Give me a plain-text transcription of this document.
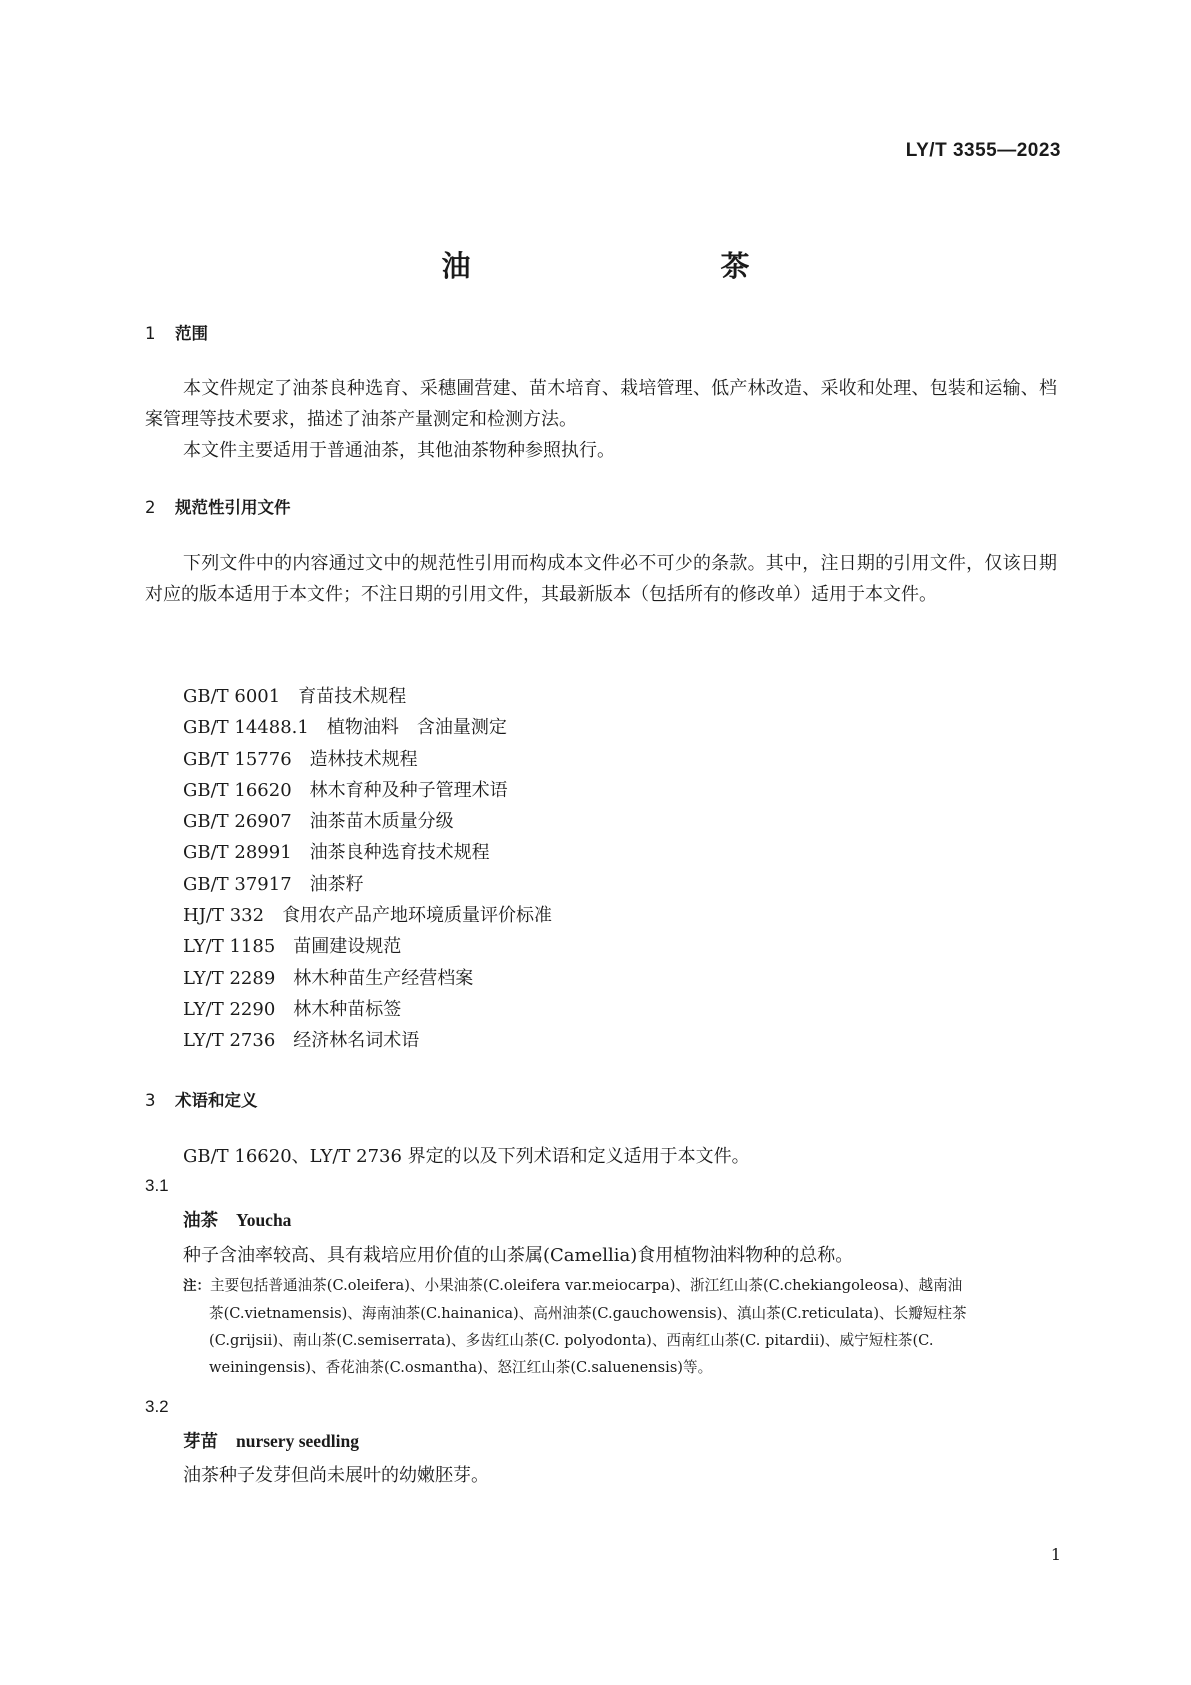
LY/T 3355—2023
油 茶
1 范围
本文件规定了油茶良种选育、采穗圃营建、苗木培育、栽培管理、低产林改造、采收和处理、包装和运输、档案管理等技术要求，描述了油茶产量测定和检测方法。
本文件主要适用于普通油茶，其他油茶物种参照执行。
2 规范性引用文件
下列文件中的内容通过文中的规范性引用而构成本文件必不可少的条款。其中，注日期的引用文件，仅该日期对应的版本适用于本文件；不注日期的引用文件，其最新版本（包括所有的修改单）适用于本文件。
GB/T 6001 育苗技术规程
GB/T 14488.1 植物油料　含油量测定
GB/T 15776 造林技术规程
GB/T 16620 林木育种及种子管理术语
GB/T 26907 油茶苗木质量分级
GB/T 28991 油茶良种选育技术规程
GB/T 37917 油茶籽
HJ/T 332 食用农产品产地环境质量评价标准
LY/T 1185 苗圃建设规范
LY/T 2289 林木种苗生产经营档案
LY/T 2290 林木种苗标签
LY/T 2736 经济林名词术语
3 术语和定义
GB/T 16620、LY/T 2736 界定的以及下列术语和定义适用于本文件。
3.1
油茶 Youcha
种子含油率较高、具有栽培应用价值的山茶属(Camellia)食用植物油料物种的总称。
注：主要包括普通油茶(C.oleifera)、小果油茶(C.oleifera var.meiocarpa)、浙江红山茶(C.chekiangoleosa)、越南油
茶(C.vietnamensis)、海南油茶(C.hainanica)、高州油茶(C.gauchowensis)、滇山茶(C.reticulata)、长瓣短柱茶
(C.grijsii)、南山茶(C.semiserrata)、多齿红山茶(C. polyodonta)、西南红山茶(C. pitardii)、威宁短柱茶(C.
weiningensis)、香花油茶(C.osmantha)、怒江红山茶(C.saluenensis)等。
3.2
芽苗 nursery seedling
油茶种子发芽但尚未展叶的幼嫩胚芽。
1
